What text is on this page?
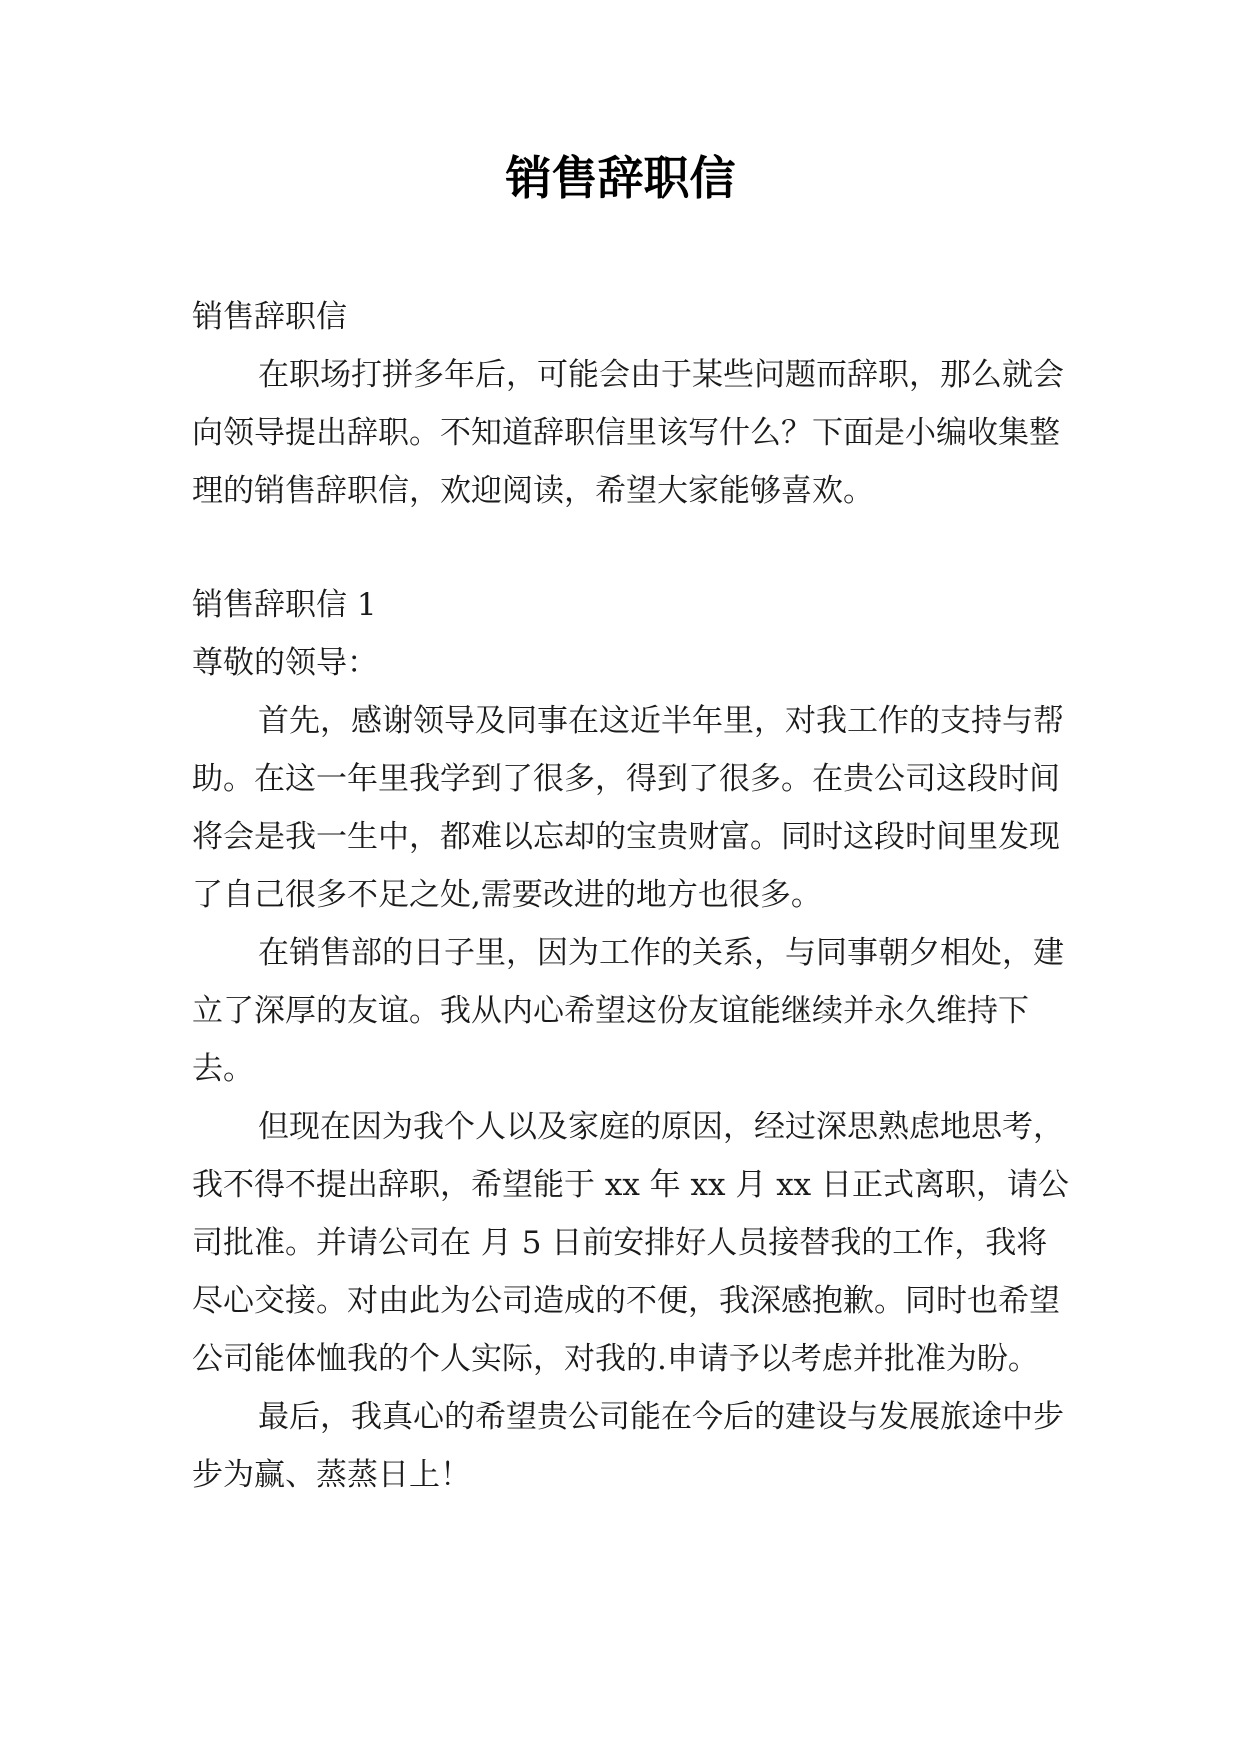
销售辞职信

销售辞职信

在职场打拼多年后，可能会由于某些问题而辞职，那么就会向领导提出辞职。不知道辞职信里该写什么？下面是小编收集整理的销售辞职信，欢迎阅读，希望大家能够喜欢。

销售辞职信 1

尊敬的领导：

首先，感谢领导及同事在这近半年里，对我工作的支持与帮助。在这一年里我学到了很多，得到了很多。在贵公司这段时间将会是我一生中，都难以忘却的宝贵财富。同时这段时间里发现了自己很多不足之处,需要改进的地方也很多。

在销售部的日子里，因为工作的关系，与同事朝夕相处，建立了深厚的友谊。我从内心希望这份友谊能继续并永久维持下去。

但现在因为我个人以及家庭的原因，经过深思熟虑地思考，我不得不提出辞职，希望能于 xx 年 xx 月 xx 日正式离职，请公司批准。并请公司在 月 5 日前安排好人员接替我的工作，我将尽心交接。对由此为公司造成的不便，我深感抱歉。同时也希望公司能体恤我的个人实际，对我的.申请予以考虑并批准为盼。

最后，我真心的希望贵公司能在今后的建设与发展旅途中步步为赢、蒸蒸日上！
